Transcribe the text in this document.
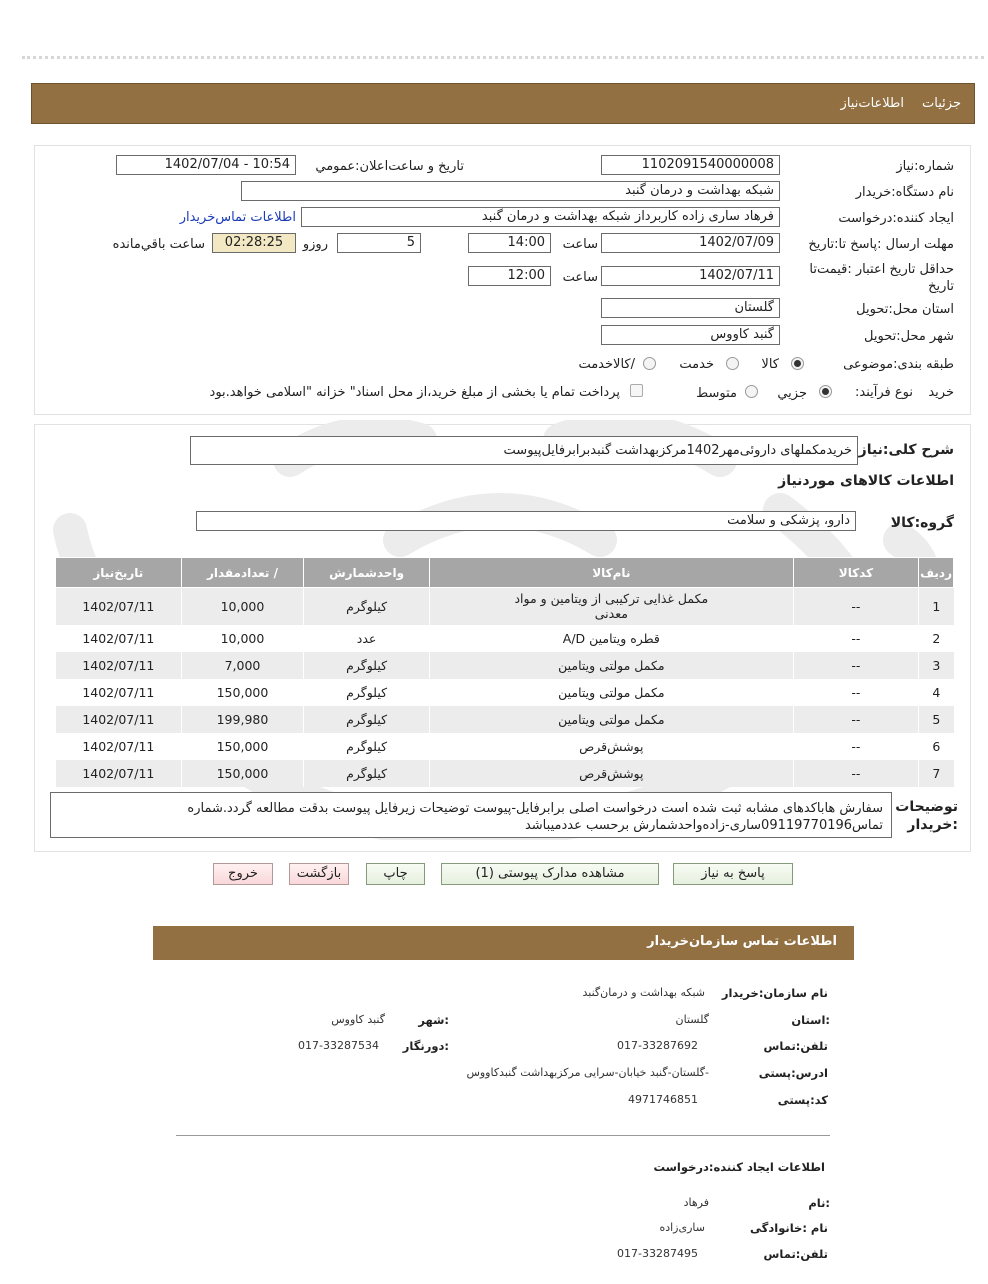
جزئیات
اطلاعات‌نیاز
شماره:نیاز
1102091540000008
تاریخ و ساعت‌اعلان:عمومي
1402/07/04 - 10:54
نام دستگاه:خریدار
شبکه بهداشت و درمان گنبد
ایجاد کننده:درخواست
فرهاد ساری زاده کاربرداز شبکه بهداشت و درمان گنبد
اطلاعات تماس‌خریدار
مهلت ارسال :پاسخ تا:تاریخ
1402/07/09
ساعت
14:00
5
روزو
02:28:25
ساعت باقي‌مانده
حداقل تاريخ اعتبار :قیمت‌تا تاریخ
1402/07/11
ساعت
12:00
استان محل:تحویل
گلستان
شهر محل:تحویل
گنبد کاووس
طبقه بندی:موضوعی
کالا
خدمت
/کالاخدمت
نوع فرآیند: خرید
جزيي
متوسط
پرداخت تمام یا بخشی از مبلغ خرید،از محل اسناد" خزانه "اسلامی خواهد.بود
شرح کلی:نیاز
خریدمکملهای داروئی‌مهر1402مرکزبهداشت گنبدبرابرفایل‌پیوست
اطلاعات کالاهای موردنیاز
گروه:کالا
دارو، پزشکی و سلامت
ردیف	کدکالا	نام‌کالا	واحدشمارش	/ تعدادمقدار	تاریخ‌نیاز
1	--	مکمل غذایی ترکیبی از ویتامین و مواد معدنی	کیلوگرم	10,000	1402/07/11
2	--	قطره ویتامین A/D	عدد	10,000	1402/07/11
3	--	مکمل مولتی ویتامین	کیلوگرم	7,000	1402/07/11
4	--	مکمل مولتی ویتامین	کیلوگرم	150,000	1402/07/11
5	--	مکمل مولتی ویتامین	کیلوگرم	199,980	1402/07/11
6	--	پوشش‌قرص	کیلوگرم	150,000	1402/07/11
7	--	پوشش‌قرص	کیلوگرم	150,000	1402/07/11
توضیحات
:خریدار
سفارش هاباکدهای مشابه ثبت شده است درخواست اصلی برابرفایل-پیوست توضیحات زیرفایل پیوست بدقت مطالعه گردد.شماره
تماس09119770196ساری-زاده‌واحدشمارش برحسب عددمیباشد
پاسخ به نیاز
مشاهده مدارک پیوستی (1)
چاپ
بازگشت
خروج
اطلاعات تماس سازمان‌خریدار
نام سازمان:خریدار
شبکه بهداشت و درمان‌گنبد
:استان
گلستان
:شهر
گنبد کاووس
تلفن:تماس
017-33287692
:دورنگار
017-33287534
ادرس:پستی
-گلستان-گنبد خیابان-سرایی مرکزبهداشت گنبدکاووس
کد:پستی
4971746851
اطلاعات ایجاد کننده:درخواست
:نام
فرهاد
نام :خانوادگی
ساری‌زاده
تلفن:تماس
017-33287495
